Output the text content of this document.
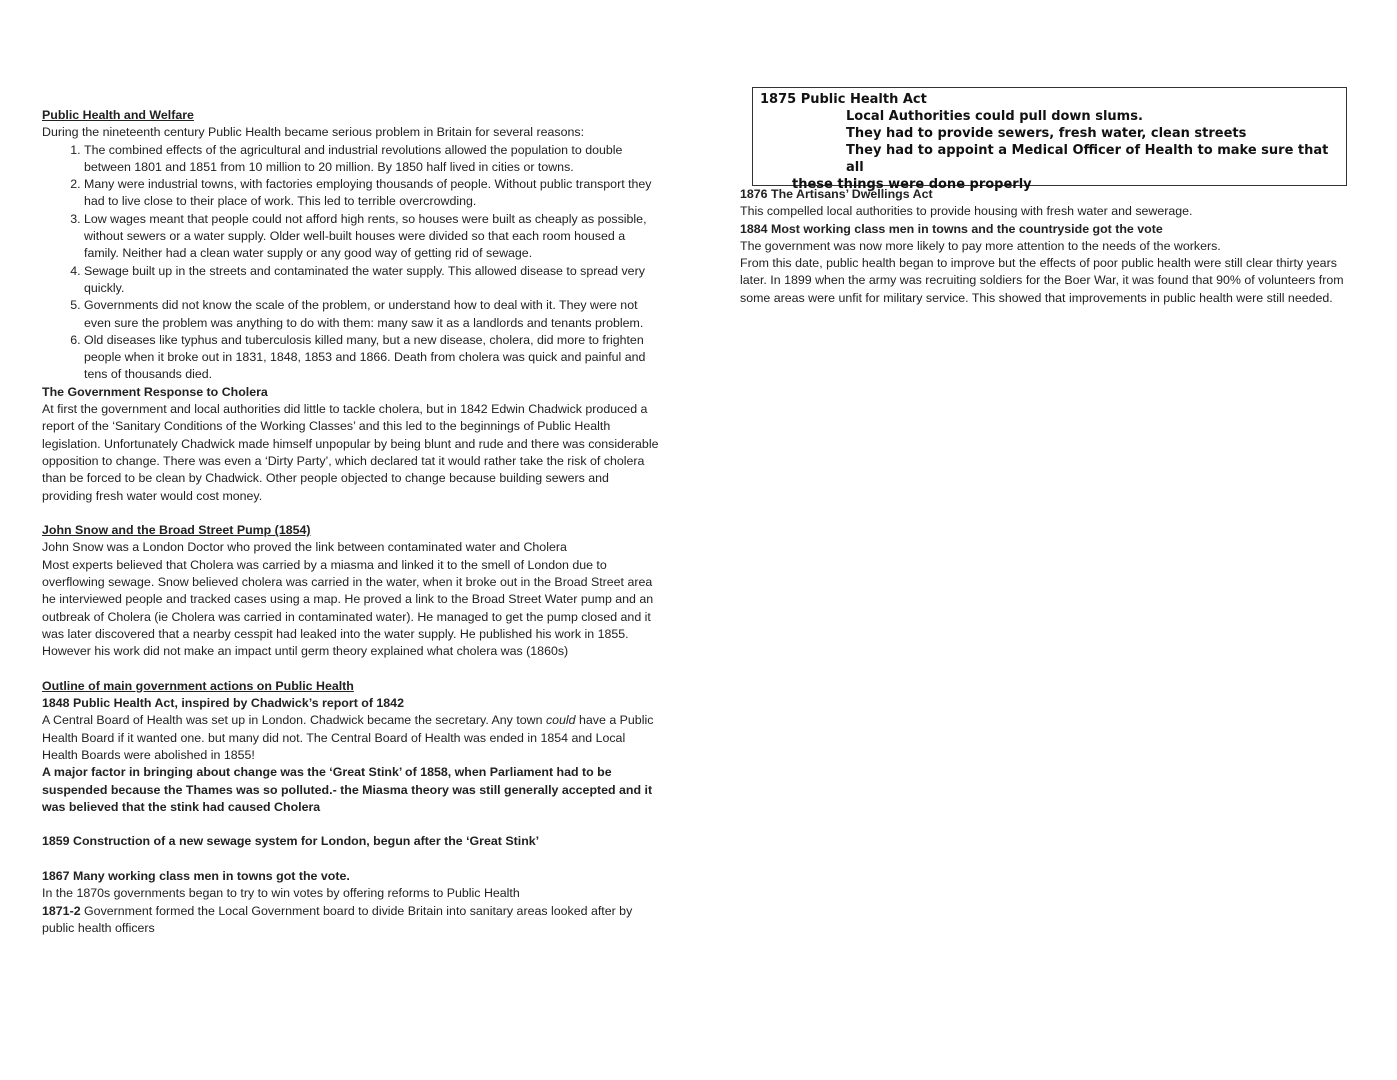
Public Health and Welfare

During the nineteenth century Public Health became serious problem in Britain for several reasons:

1. The combined effects of the agricultural and industrial revolutions allowed the population to double between 1801 and 1851 from 10 million to 20 million. By 1850 half lived in cities or towns.
2. Many were industrial towns, with factories employing thousands of people. Without public transport they had to live close to their place of work. This led to terrible overcrowding.
3. Low wages meant that people could not afford high rents, so houses were built as cheaply as possible, without sewers or a water supply. Older well-built houses were divided so that each room housed a family. Neither had a clean water supply or any good way of getting rid of sewage.
4. Sewage built up in the streets and contaminated the water supply. This allowed disease to spread very quickly.
5. Governments did not know the scale of the problem, or understand how to deal with it. They were not even sure the problem was anything to do with them: many saw it as a landlords and tenants problem.
6. Old diseases like typhus and tuberculosis killed many, but a new disease, cholera, did more to frighten people when it broke out in 1831, 1848, 1853 and 1866. Death from cholera was quick and painful and tens of thousands died.

The Government Response to Cholera

At first the government and local authorities did little to tackle cholera, but in 1842 Edwin Chadwick produced a report of the ‘Sanitary Conditions of the Working Classes’ and this led to the beginnings of Public Health legislation. Unfortunately Chadwick made himself unpopular by being blunt and rude and there was considerable opposition to change. There was even a ‘Dirty Party’, which declared tat it would rather take the risk of cholera than be forced to be clean by Chadwick. Other people objected to change because building sewers and providing fresh water would cost money.

John Snow and the Broad Street Pump (1854)

John Snow was a London Doctor who proved the link between contaminated water and Cholera

Most experts believed that Cholera was carried by a miasma and linked it to the smell of London due to overflowing sewage. Snow believed cholera was carried in the water, when it broke out in the Broad Street area he interviewed people and tracked cases using a map. He proved a link to the Broad Street Water pump and an outbreak of Cholera (ie Cholera was carried in contaminated water). He managed to get the pump closed and it was later discovered that a nearby cesspit had leaked into the water supply. He published his work in 1855. However his work did not make an impact until germ theory explained what cholera was (1860s)

Outline of main government actions on Public Health

1848 Public Health Act, inspired by Chadwick’s report of 1842

A Central Board of Health was set up in London. Chadwick became the secretary. Any town could have a Public Health Board if it wanted one. but many did not. The Central Board of Health was ended in 1854 and Local Health Boards were abolished in 1855!

A major factor in bringing about change was the ‘Great Stink’ of 1858, when Parliament had to be suspended because the Thames was so polluted.- the Miasma theory was still generally accepted and it was believed that the stink had caused Cholera

1859 Construction of a new sewage system for London, begun after the ‘Great Stink’

1867 Many working class men in towns got the vote.

In the 1870s governments began to try to win votes by offering reforms to Public Health

1871-2 Government formed the Local Government board to divide Britain into sanitary areas looked after by public health officers

1875 Public Health Act
Local Authorities could pull down slums.
They had to provide sewers, fresh water, clean streets
They had to appoint a Medical Officer of Health to make sure that all
these things were done properly

1876 The Artisans’ Dwellings Act

This compelled local authorities to provide housing with fresh water and sewerage.

1884 Most working class men in towns and the countryside got the vote

The government was now more likely to pay more attention to the needs of the workers.

From this date, public health began to improve but the effects of poor public health were still clear thirty years later. In 1899 when the army was recruiting soldiers for the Boer War, it was found that 90% of volunteers from some areas were unfit for military service. This showed that improvements in public health were still needed.
